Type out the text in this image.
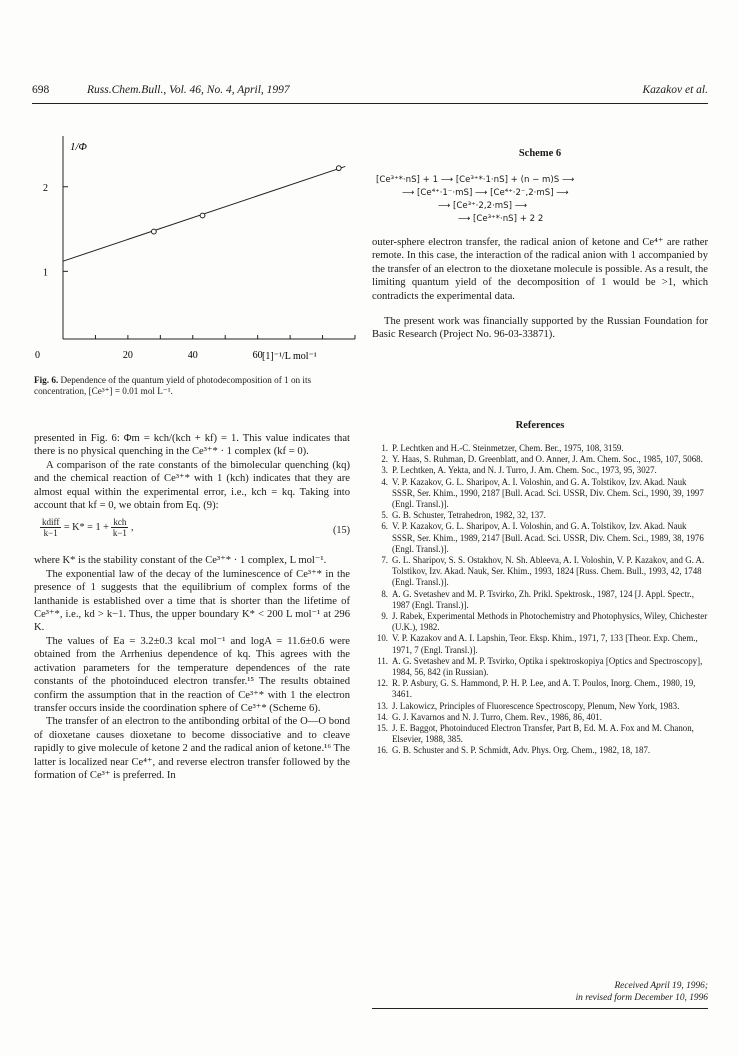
698	Russ.Chem.Bull., Vol. 46, No. 4, April, 1997	Kazakov et al.
1
2
0	20	40	60
1/Φ
[1]⁻¹/L mol⁻¹
Fig. 6. Dependence of the quantum yield of photodecomposition of 1 on its concentration, [Ce³⁺] = 0.01 mol L⁻¹.

presented in Fig. 6: Φm = kch/(kch + kf) = 1. This value indicates that there is no physical quenching in the Ce³⁺* · 1 complex (kf = 0).

A comparison of the rate constants of the bimolecular quenching (kq) and the chemical reaction of Ce³⁺* with 1 (kch) indicates that they are almost equal within the experimental error, i.e., kch = kq. Taking into account that kf = 0, we obtain from Eq. (9):

$\frac{\text{kdiff}}{k-1} = K* = 1 + \frac{\text{kch}}{k-1}$ ,	(15)

where K* is the stability constant of the Ce³⁺* · 1 complex, L mol⁻¹.

The exponential law of the decay of the luminescence of Ce³⁺* in the presence of 1 suggests that the equilibrium of complex forms of the lanthanide is established over a time that is shorter than the lifetime of Ce³⁺*, i.e., kd > k−1. Thus, the upper boundary K* < 200 L mol⁻¹ at 296 K.

The values of Ea = 3.2±0.3 kcal mol⁻¹ and logA = 11.6±0.6 were obtained from the Arrhenius dependence of kq. This agrees with the activation parameters for the temperature dependences of the rate constants of the photoinduced electron transfer.¹⁵ The results obtained confirm the assumption that in the reaction of Ce³⁺* with 1 the electron transfer occurs inside the coordination sphere of Ce³⁺* (Scheme 6).

The transfer of an electron to the antibonding orbital of the O—O bond of dioxetane causes dioxetane to become dissociative and to cleave rapidly to give molecule of ketone 2 and the radical anion of ketone.¹⁶ The latter is localized near Ce⁴⁺, and reverse electron transfer followed by the formation of Ce³⁺ is preferred. In

Scheme 6
[Ce³⁺*·nS] + 1 ⟶ [Ce³⁺*·1·nS] + (n − m)S ⟶
⟶ [Ce⁴⁺·1⁻·mS] ⟶ [Ce⁴⁺·2⁻,2·mS] ⟶
⟶ [Ce³⁺·2,2·mS] ⟶
⟶ [Ce³⁺*·nS] + 2 2

outer-sphere electron transfer, the radical anion of ketone and Ce⁴⁺ are rather remote. In this case, the interaction of the radical anion with 1 accompanied by the transfer of an electron to the dioxetane molecule is possible. As a result, the limiting quantum yield of the decomposition of 1 would be >1, which contradicts the experimental data.

The present work was financially supported by the Russian Foundation for Basic Research (Project No. 96-03-33871).

References
1. P. Lechtken and H.-C. Steinmetzer, Chem. Ber., 1975, 108, 3159.
2. Y. Haas, S. Ruhman, D. Greenblatt, and O. Anner, J. Am. Chem. Soc., 1985, 107, 5068.
3. P. Lechtken, A. Yekta, and N. J. Turro, J. Am. Chem. Soc., 1973, 95, 3027.
4. V. P. Kazakov, G. L. Sharipov, A. I. Voloshin, and G. A. Tolstikov, Izv. Akad. Nauk SSSR, Ser. Khim., 1990, 2187 [Bull. Acad. Sci. USSR, Div. Chem. Sci., 1990, 39, 1997 (Engl. Transl.)].
5. G. B. Schuster, Tetrahedron, 1982, 32, 137.
6. V. P. Kazakov, G. L. Sharipov, A. I. Voloshin, and G. A. Tolstikov, Izv. Akad. Nauk SSSR, Ser. Khim., 1989, 2147 [Bull. Acad. Sci. USSR, Div. Chem. Sci., 1989, 38, 1976 (Engl. Transl.)].
7. G. L. Sharipov, S. S. Ostakhov, N. Sh. Ableeva, A. I. Voloshin, V. P. Kazakov, and G. A. Tolstikov, Izv. Akad. Nauk, Ser. Khim., 1993, 1824 [Russ. Chem. Bull., 1993, 42, 1748 (Engl. Transl.)].
8. A. G. Svetashev and M. P. Tsvirko, Zh. Prikl. Spektrosk., 1987, 124 [J. Appl. Spectr., 1987 (Engl. Transl.)].
9. J. Rabek, Experimental Methods in Photochemistry and Photophysics, Wiley, Chichester (U.K.), 1982.
10. V. P. Kazakov and A. I. Lapshin, Teor. Eksp. Khim., 1971, 7, 133 [Theor. Exp. Chem., 1971, 7 (Engl. Transl.)].
11. A. G. Svetashev and M. P. Tsvirko, Optika i spektroskopiya [Optics and Spectroscopy], 1984, 56, 842 (in Russian).
12. R. P. Asbury, G. S. Hammond, P. H. P. Lee, and A. T. Poulos, Inorg. Chem., 1980, 19, 3461.
13. J. Lakowicz, Principles of Fluorescence Spectroscopy, Plenum, New York, 1983.
14. G. J. Kavarnos and N. J. Turro, Chem. Rev., 1986, 86, 401.
15. J. E. Baggot, Photoinduced Electron Transfer, Part B, Ed. M. A. Fox and M. Chanon, Elsevier, 1988, 385.
16. G. B. Schuster and S. P. Schmidt, Adv. Phys. Org. Chem., 1982, 18, 187.
Received April 19, 1996;
in revised form December 10, 1996
